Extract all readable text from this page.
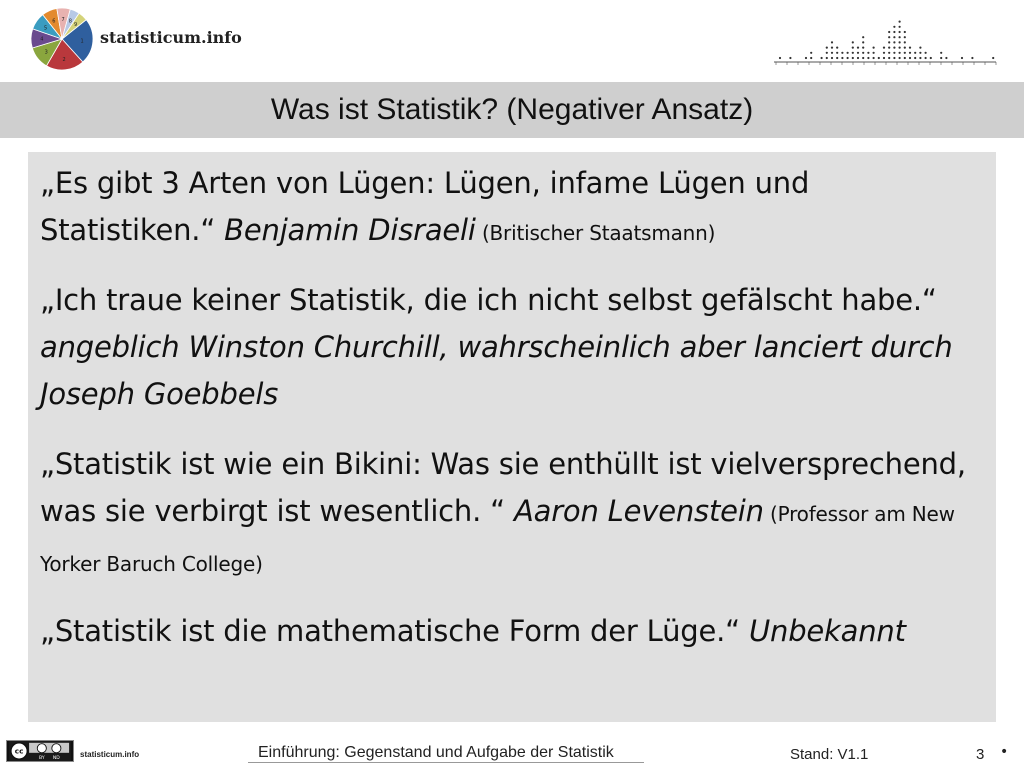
1
2
3
4
5
6 7 8
9
statisticum.info
Was ist Statistik? (Negativer Ansatz)

„Es gibt 3 Arten von Lügen: Lügen, infame Lügen und Statistiken.“ Benjamin Disraeli (Britischer Staatsmann)

„Ich traue keiner Statistik, die ich nicht selbst gefälscht habe.“ angeblich Winston Churchill, wahrscheinlich aber lanciert durch Joseph Goebbels

„Statistik ist wie ein Bikini: Was sie enthüllt ist vielversprechend, was sie verbirgt ist wesentlich. “ Aaron Levenstein (Professor am New Yorker Baruch College)

„Statistik ist die mathematische Form der Lüge.“ Unbekannt

cc
BY ND	statisticum.info	Einführung: Gegenstand und Aufgabe der Statistik	Stand: V1.1	3 •
